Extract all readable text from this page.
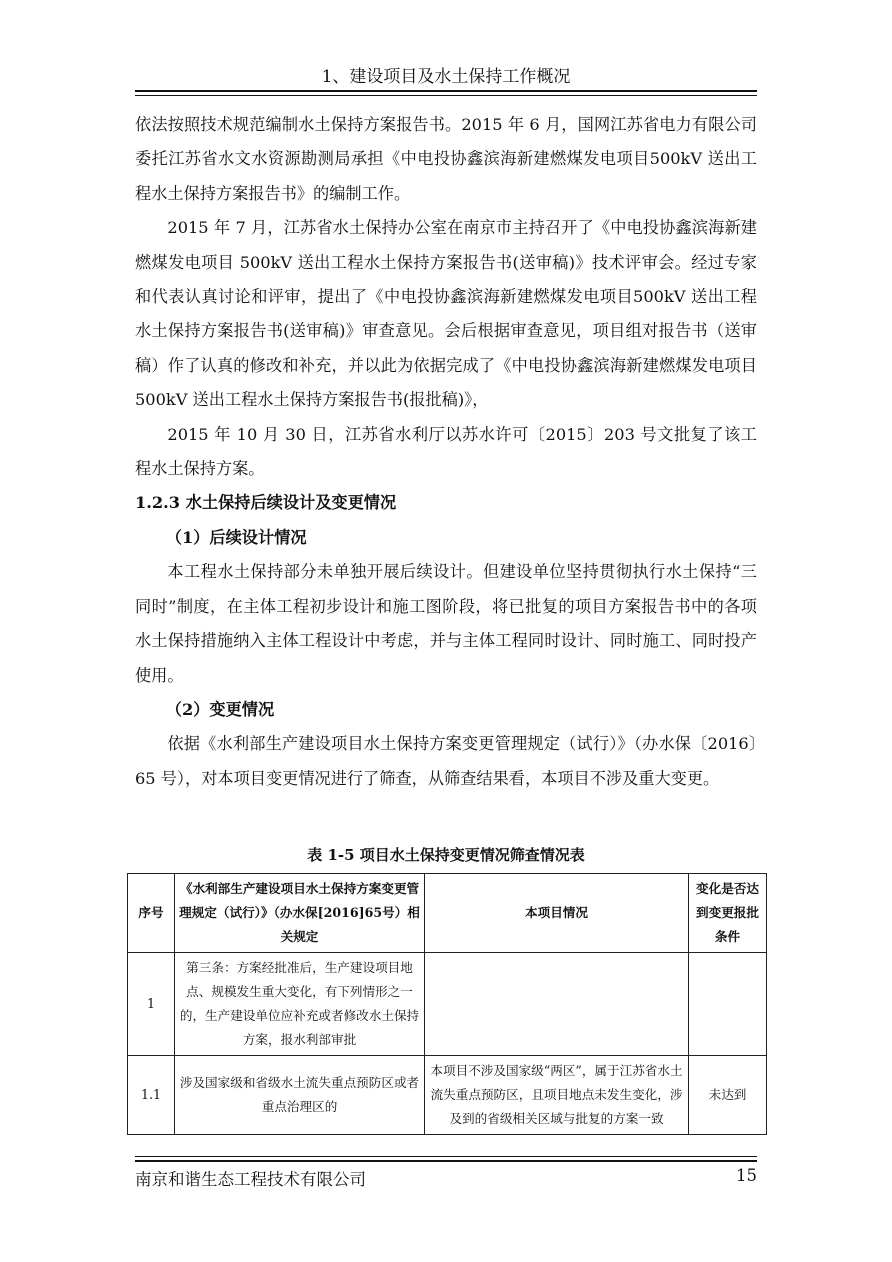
1、建设项目及水土保持工作概况

依法按照技术规范编制水土保持方案报告书。2015 年 6 月，国网江苏省电力有限公司委托江苏省水文水资源勘测局承担《中电投协鑫滨海新建燃煤发电项目500kV 送出工程水土保持方案报告书》的编制工作。

2015 年 7 月，江苏省水土保持办公室在南京市主持召开了《中电投协鑫滨海新建燃煤发电项目 500kV 送出工程水土保持方案报告书(送审稿)》技术评审会。经过专家和代表认真讨论和评审，提出了《中电投协鑫滨海新建燃煤发电项目500kV 送出工程水土保持方案报告书(送审稿)》审查意见。会后根据审查意见，项目组对报告书（送审稿）作了认真的修改和补充，并以此为依据完成了《中电投协鑫滨海新建燃煤发电项目 500kV 送出工程水土保持方案报告书(报批稿)》，

2015 年 10 月 30 日，江苏省水利厅以苏水许可〔2015〕203 号文批复了该工程水土保持方案。

1.2.3 水土保持后续设计及变更情况

（1）后续设计情况

本工程水土保持部分未单独开展后续设计。但建设单位坚持贯彻执行水土保持“三同时”制度，在主体工程初步设计和施工图阶段，将已批复的项目方案报告书中的各项水土保持措施纳入主体工程设计中考虑，并与主体工程同时设计、同时施工、同时投产使用。

（2）变更情况

依据《水利部生产建设项目水土保持方案变更管理规定（试行）》（办水保〔2016〕65 号），对本项目变更情况进行了筛查，从筛查结果看，本项目不涉及重大变更。

表 1-5 项目水土保持变更情况筛查情况表
序号	《水利部生产建设项目水土保持方案变更管理规定（试行）》（办水保[2016]65号）相关规定	本项目情况	变化是否达到变更报批条件
1	第三条：方案经批准后，生产建设项目地点、规模发生重大变化，有下列情形之一的，生产建设单位应补充或者修改水土保持方案，报水利部审批		
1.1	涉及国家级和省级水土流失重点预防区或者重点治理区的	本项目不涉及国家级“两区”，属于江苏省水土流失重点预防区，且项目地点未发生变化，涉及到的省级相关区域与批复的方案一致	未达到
南京和谐生态工程技术有限公司	15
